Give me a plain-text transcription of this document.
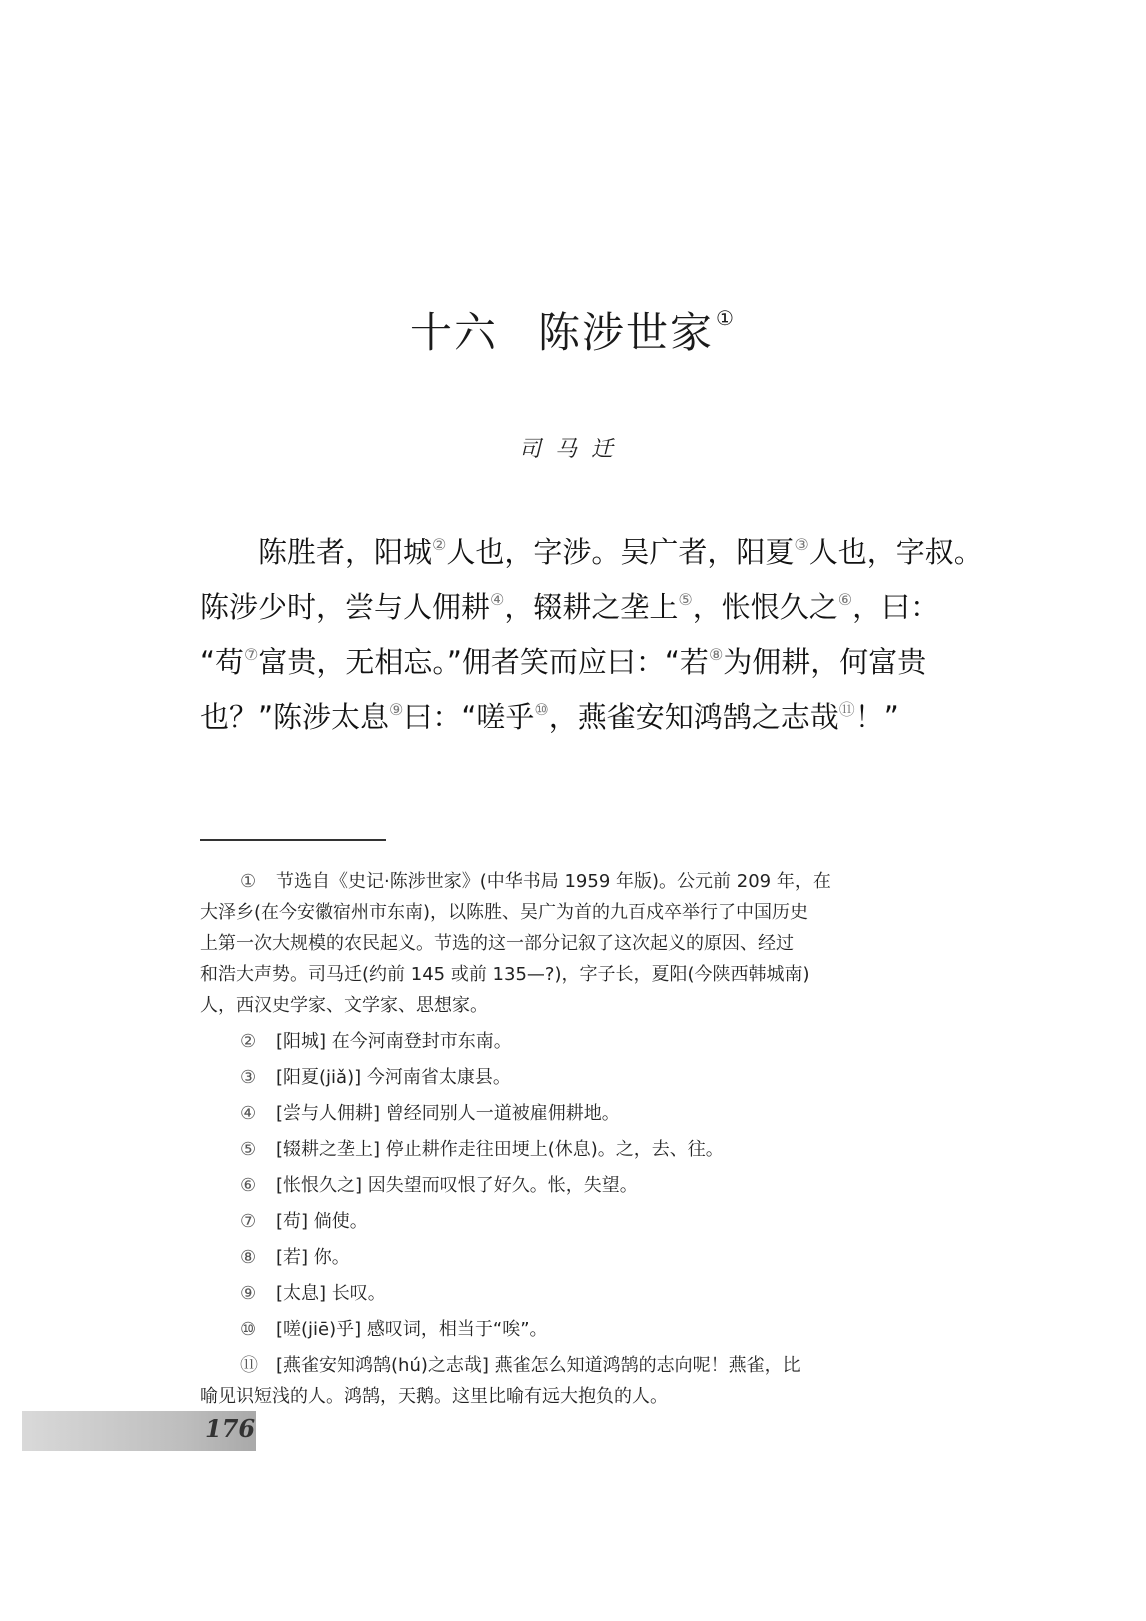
十六 陈涉世家 ①
司马迁
陈胜者，阳城②人也，字涉。吴广者，阳夏③人也，字叔。
陈涉少时，尝与人佣耕④，辍耕之垄上⑤，怅恨久之⑥，曰：
“苟⑦富贵，无相忘。”佣者笑而应曰：“若⑧为佣耕，何富贵
也？”陈涉太息⑨曰：“嗟乎⑩，燕雀安知鸿鹄之志哉⑪！”
① 节选自《史记·陈涉世家》(中华书局 1959 年版)。公元前 209 年，在
大泽乡(在今安徽宿州市东南)，以陈胜、吴广为首的九百戍卒举行了中国历史
上第一次大规模的农民起义。节选的这一部分记叙了这次起义的原因、经过
和浩大声势。司马迁(约前 145 或前 135—?)，字子长，夏阳(今陕西韩城南)
人，西汉史学家、文学家、思想家。
② [阳城] 在今河南登封市东南。
③ [阳夏(jiǎ)] 今河南省太康县。
④ [尝与人佣耕] 曾经同别人一道被雇佣耕地。
⑤ [辍耕之垄上] 停止耕作走往田埂上(休息)。之，去、往。
⑥ [怅恨久之] 因失望而叹恨了好久。怅，失望。
⑦ [苟] 倘使。
⑧ [若] 你。
⑨ [太息] 长叹。
⑩ [嗟(jiē)乎] 感叹词，相当于“唉”。
⑪ [燕雀安知鸿鹄(hú)之志哉] 燕雀怎么知道鸿鹄的志向呢！燕雀，比
喻见识短浅的人。鸿鹄，天鹅。这里比喻有远大抱负的人。
176
